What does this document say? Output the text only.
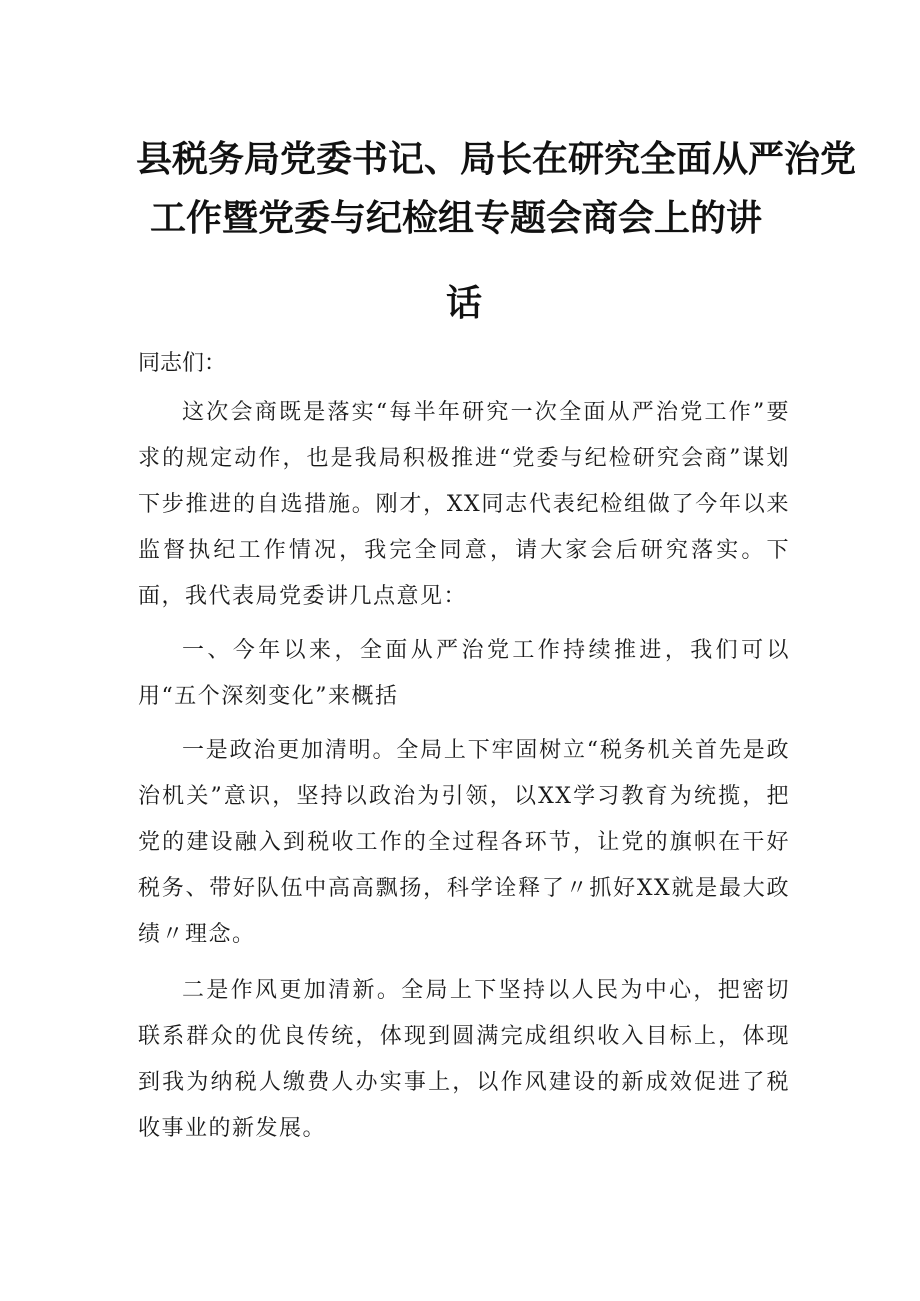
县税务局党委书记、局长在研究全面从严治党
工作暨党委与纪检组专题会商会上的讲
话
同志们：

这次会商既是落实“每半年研究一次全面从严治党工作”要求的规定动作，也是我局积极推进“党委与纪检研究会商”谋划下步推进的自选措施。刚才，XX同志代表纪检组做了今年以来监督执纪工作情况，我完全同意，请大家会后研究落实。下面，我代表局党委讲几点意见：

一、今年以来，全面从严治党工作持续推进，我们可以用“五个深刻变化”来概括

一是政治更加清明。全局上下牢固树立“税务机关首先是政治机关”意识，坚持以政治为引领，以XX学习教育为统揽，把党的建设融入到税收工作的全过程各环节，让党的旗帜在干好税务、带好队伍中高高飘扬，科学诠释了〃抓好XX就是最大政绩〃理念。

二是作风更加清新。全局上下坚持以人民为中心，把密切联系群众的优良传统，体现到圆满完成组织收入目标上，体现到我为纳税人缴费人办实事上，以作风建设的新成效促进了税收事业的新发展。
